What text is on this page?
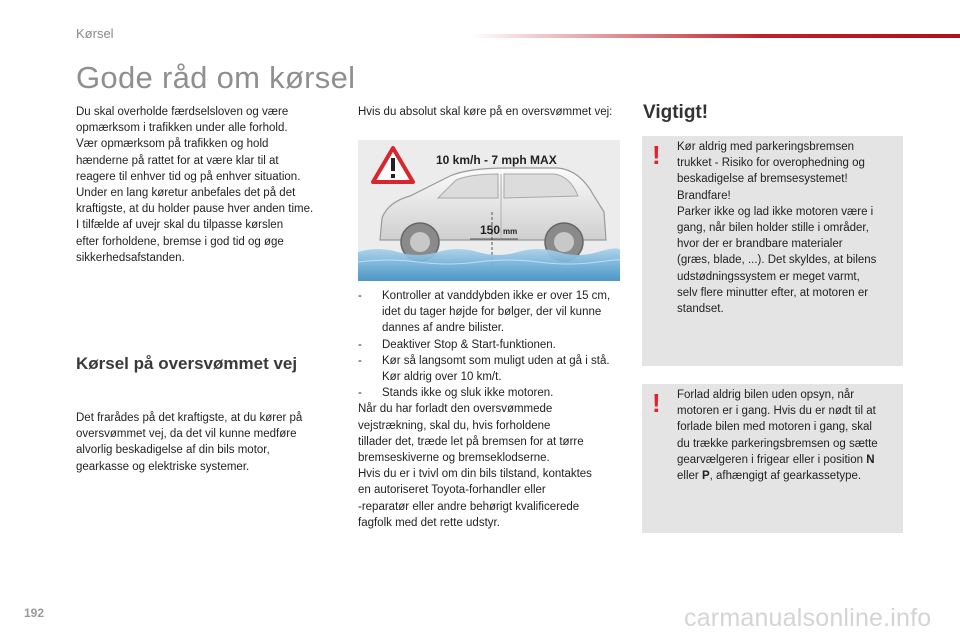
Kørsel
Gode råd om kørsel

Du skal overholde færdselsloven og være
opmærksom i trafikken under alle forhold.
Vær opmærksom på trafikken og hold
hænderne på rattet for at være klar til at
reagere til enhver tid og på enhver situation.
Under en lang køretur anbefales det på det
kraftigste, at du holder pause hver anden time.
I tilfælde af uvejr skal du tilpasse kørslen
efter forholdene, bremse i god tid og øge
sikkerhedsafstanden.

Kørsel på oversvømmet vej
Det frarådes på det kraftigste, at du kører på
oversvømmet vej, da det vil kunne medføre
alvorlig beskadigelse af din bils motor,
gearkasse og elektriske systemer.
Hvis du absolut skal køre på en oversvømmet vej:
10 km/h - 7 mph MAX
150 mm
- Kontroller at vanddybden ikke er over 15 cm, idet du tager højde for bølger, der vil kunne dannes af andre bilister.
- Deaktiver Stop & Start-funktionen.
- Kør så langsomt som muligt uden at gå i stå. Kør aldrig over 10 km/t.
- Stands ikke og sluk ikke motoren.
Når du har forladt den oversvømmede
vejstrækning, skal du, hvis forholdene
tillader det, træde let på bremsen for at tørre
bremseskiverne og bremseklodserne.
Hvis du er i tvivl om din bils tilstand, kontaktes
en autoriseret Toyota-forhandler eller
-reparatør eller andre behørigt kvalificerede
fagfolk med det rette udstyr.
Vigtigt!
! Kør aldrig med parkeringsbremsen
trukket - Risiko for overophedning og
beskadigelse af bremsesystemet!
Brandfare!
Parker ikke og lad ikke motoren være i
gang, når bilen holder stille i områder,
hvor der er brandbare materialer
(græs, blade, ...). Det skyldes, at bilens
udstødningssystem er meget varmt,
selv flere minutter efter, at motoren er
standset.
! Forlad aldrig bilen uden opsyn, når
motoren er i gang. Hvis du er nødt til at
forlade bilen med motoren i gang, skal
du trække parkeringsbremsen og sætte
gearvælgeren i frigear eller i position N
eller P, afhængigt af gearkassetype.
192	carmanualsonline.info
